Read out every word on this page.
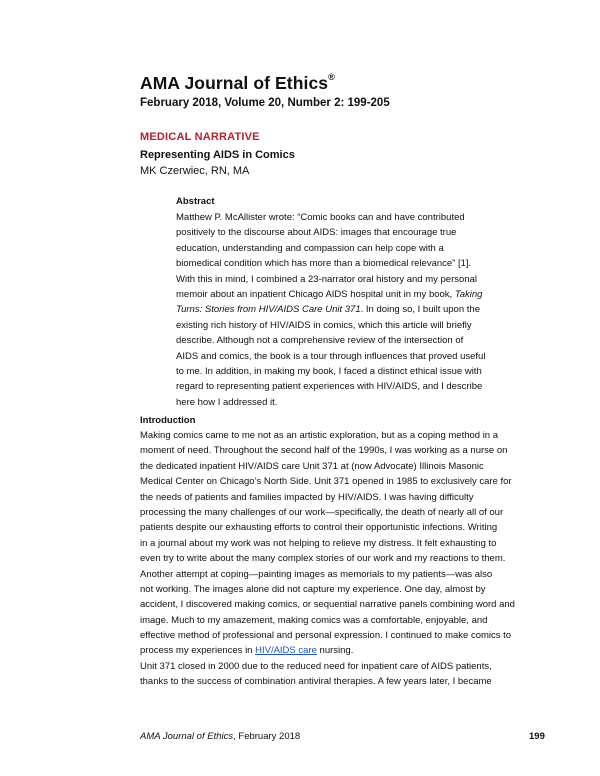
AMA Journal of Ethics®
February 2018, Volume 20, Number 2: 199-205
MEDICAL NARRATIVE
Representing AIDS in Comics
MK Czerwiec, RN, MA
Abstract
Matthew P. McAllister wrote: “Comic books can and have contributed
positively to the discourse about AIDS: images that encourage true
education, understanding and compassion can help cope with a
biomedical condition which has more than a biomedical relevance” [1].
With this in mind, I combined a 23-narrator oral history and my personal
memoir about an inpatient Chicago AIDS hospital unit in my book, Taking
Turns: Stories from HIV/AIDS Care Unit 371. In doing so, I built upon the
existing rich history of HIV/AIDS in comics, which this article will briefly
describe. Although not a comprehensive review of the intersection of
AIDS and comics, the book is a tour through influences that proved useful
to me. In addition, in making my book, I faced a distinct ethical issue with
regard to representing patient experiences with HIV/AIDS, and I describe
here how I addressed it.
Introduction
Making comics came to me not as an artistic exploration, but as a coping method in a
moment of need. Throughout the second half of the 1990s, I was working as a nurse on
the dedicated inpatient HIV/AIDS care Unit 371 at (now Advocate) Illinois Masonic
Medical Center on Chicago’s North Side. Unit 371 opened in 1985 to exclusively care for
the needs of patients and families impacted by HIV/AIDS. I was having difficulty
processing the many challenges of our work—specifically, the death of nearly all of our
patients despite our exhausting efforts to control their opportunistic infections. Writing
in a journal about my work was not helping to relieve my distress. It felt exhausting to
even try to write about the many complex stories of our work and my reactions to them.
Another attempt at coping—painting images as memorials to my patients—was also
not working. The images alone did not capture my experience. One day, almost by
accident, I discovered making comics, or sequential narrative panels combining word and
image. Much to my amazement, making comics was a comfortable, enjoyable, and
effective method of professional and personal expression. I continued to make comics to
process my experiences in HIV/AIDS care nursing.
Unit 371 closed in 2000 due to the reduced need for inpatient care of AIDS patients,
thanks to the success of combination antiviral therapies. A few years later, I became
AMA Journal of Ethics, February 2018	199
